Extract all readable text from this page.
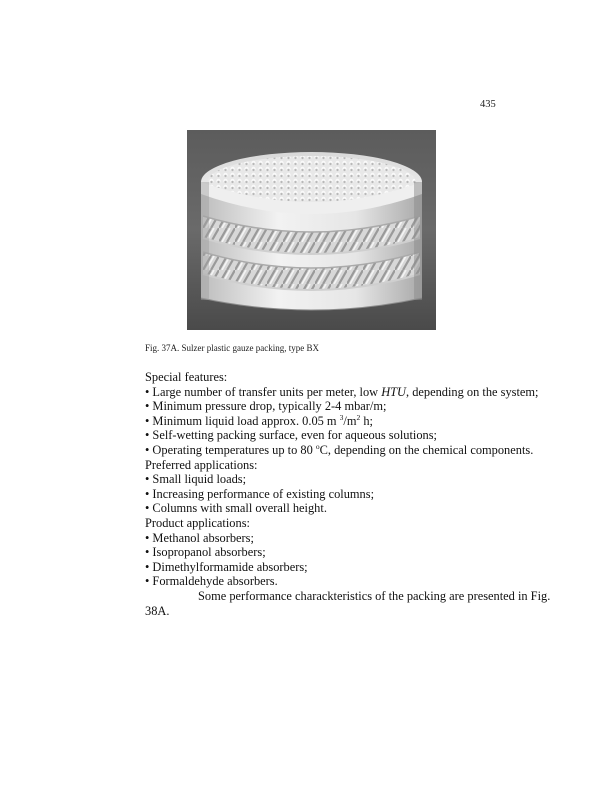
435
Fig. 37A. Sulzer plastic gauze packing, type BX
Special features:
• Large number of transfer units per meter, low HTU, depending on the system;
• Minimum pressure drop, typically 2-4 mbar/m;
• Minimum liquid load approx. 0.05 m $^3/m^2$ h;
• Self-wetting packing surface, even for aqueous solutions;
• Operating temperatures up to 80 $^o$C, depending on the chemical components.
Preferred applications:
• Small liquid loads;
• Increasing performance of existing columns;
• Columns with small overall height.
Product applications:
• Methanol absorbers;
• Isopropanol absorbers;
• Dimethylformamide absorbers;
• Formaldehyde absorbers.
Some performance charackteristics of the packing are presented in Fig.
38A.
